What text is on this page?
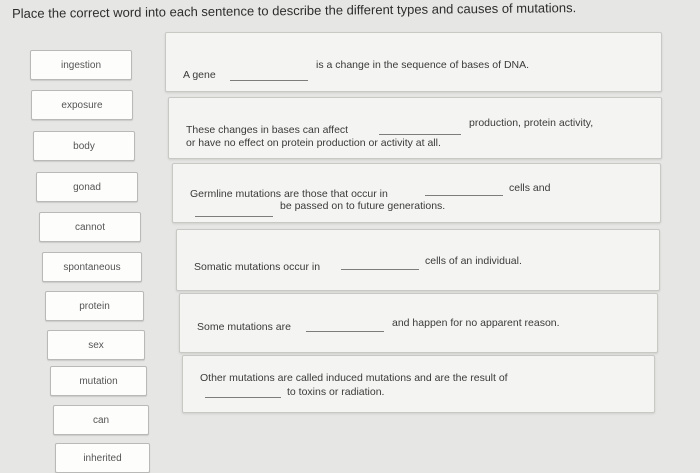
Place the correct word into each sentence to describe the different types and causes of mutations.
ingestion
exposure
body
gonad
cannot
spontaneous
protein
sex
mutation
can
inherited
A gene
is a change in the sequence of bases of DNA.
These changes in bases can affect
production, protein activity,
or have no effect on protein production or activity at all.
Germline mutations are those that occur in	cells and
be passed on to future generations.
Somatic mutations occur in	cells of an individual.
Some mutations are	and happen for no apparent reason.
Other mutations are called induced mutations and are the result of
to toxins or radiation.
